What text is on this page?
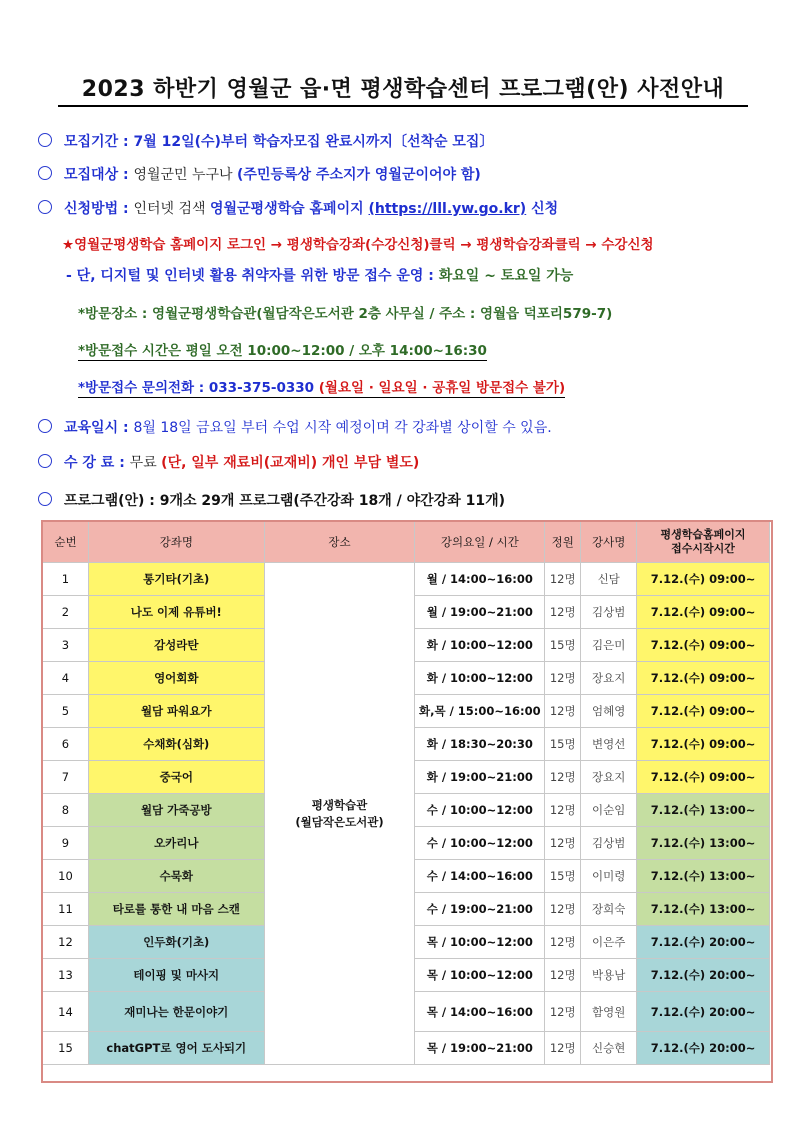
2023 하반기 영월군 읍·면 평생학습센터 프로그램(안) 사전안내
모집기간 : 7월 12일(수)부터 학습자모집 완료시까지〔선착순 모집〕
모집대상 : 영월군민 누구나 (주민등록상 주소지가 영월군이어야 함)
신청방법 : 인터넷 검색 영월군평생학습 홈페이지 (https://lll.yw.go.kr) 신청
★영월군평생학습 홈페이지 로그인 → 평생학습강좌(수강신청)클릭 → 평생학습강좌클릭 → 수강신청
- 단, 디지털 및 인터넷 활용 취약자를 위한 방문 접수 운영 : 화요일 ~ 토요일 가능
*방문장소 : 영월군평생학습관(월담작은도서관 2층 사무실 / 주소 : 영월읍 덕포리579-7)
*방문접수 시간은 평일 오전 10:00~12:00 / 오후 14:00~16:30
*방문접수 문의전화 : 033-375-0330 (월요일 · 일요일 · 공휴일 방문접수 불가)
교육일시 : 8월 18일 금요일 부터 수업 시작 예정이며 각 강좌별 상이할 수 있음.
수 강 료 : 무료 (단, 일부 재료비(교재비) 개인 부담 별도)
프로그램(안) : 9개소 29개 프로그램(주간강좌 18개 / 야간강좌 11개)
순번	강좌명	장소	강의요일 / 시간	정원	강사명	평생학습홈페이지
접수시작시간
1	통기타(기초)	평생학습관
(월담작은도서관)	월 / 14:00~16:00	12명	신담	7.12.(수) 09:00~
2	나도 이제 유튜버!		월 / 19:00~21:00	12명	김상범	7.12.(수) 09:00~
3	감성라탄		화 / 10:00~12:00	15명	김은미	7.12.(수) 09:00~
4	영어회화		화 / 10:00~12:00	12명	장요지	7.12.(수) 09:00~
5	월담 파워요가		화,목 / 15:00~16:00	12명	엄혜영	7.12.(수) 09:00~
6	수채화(심화)		화 / 18:30~20:30	15명	변영선	7.12.(수) 09:00~
7	중국어		화 / 19:00~21:00	12명	장요지	7.12.(수) 09:00~
8	월담 가죽공방		수 / 10:00~12:00	12명	이순임	7.12.(수) 13:00~
9	오카리나		수 / 10:00~12:00	12명	김상범	7.12.(수) 13:00~
10	수묵화		수 / 14:00~16:00	15명	이미령	7.12.(수) 13:00~
11	타로를 통한 내 마음 스캔		수 / 19:00~21:00	12명	장희숙	7.12.(수) 13:00~
12	인두화(기초)		목 / 10:00~12:00	12명	이은주	7.12.(수) 20:00~
13	테이핑 및 마사지		목 / 10:00~12:00	12명	박용남	7.12.(수) 20:00~
14	재미나는 한문이야기		목 / 14:00~16:00	12명	함영원	7.12.(수) 20:00~
15	chatGPT로 영어 도사되기		목 / 19:00~21:00	12명	신승현	7.12.(수) 20:00~
